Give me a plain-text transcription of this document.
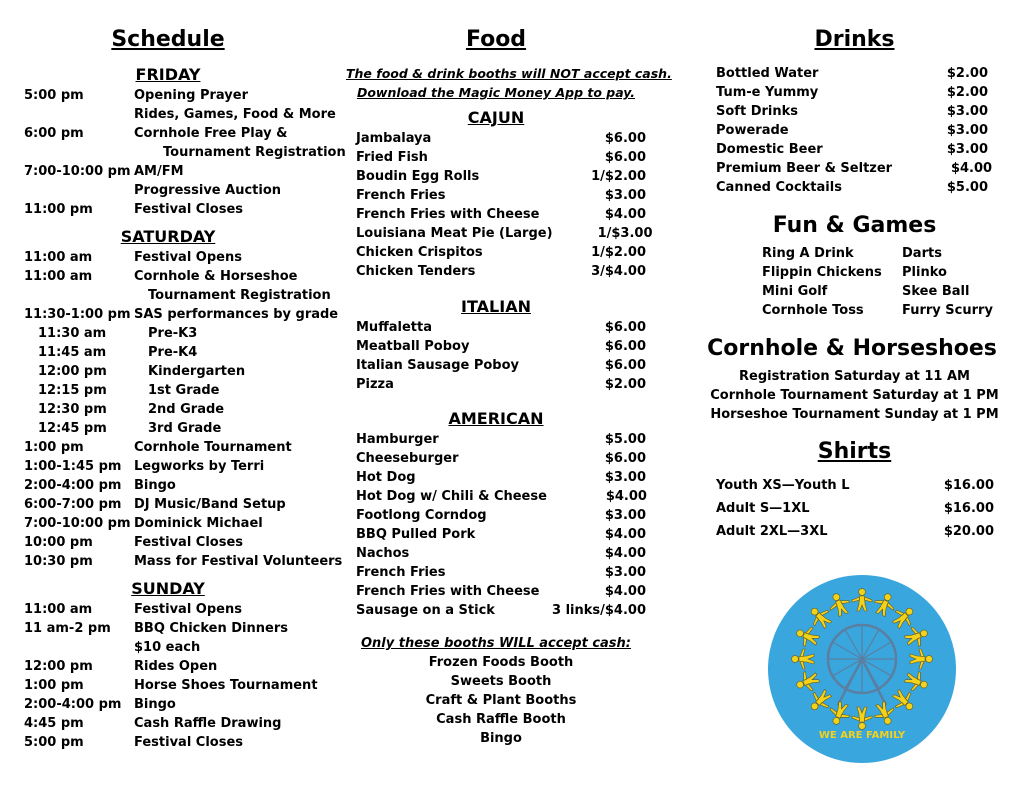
Schedule
FRIDAY
5:00 pm	Opening Prayer
Rides, Games, Food & More
6:00 pm	Cornhole Free Play &
Tournament Registration
7:00-10:00 pm AM/FM
Progressive Auction
11:00 pm	Festival Closes
SATURDAY
11:00 am	Festival Opens
11:00 am	Cornhole & Horseshoe
Tournament Registration
11:30-1:00 pm SAS performances by grade
11:30 am	Pre-K3
11:45 am	Pre-K4
12:00 pm	Kindergarten
12:15 pm	1st Grade
12:30 pm	2nd Grade
12:45 pm	3rd Grade
1:00 pm	Cornhole Tournament
1:00-1:45 pm Legworks by Terri
2:00-4:00 pm Bingo
6:00-7:00 pm DJ Music/Band Setup
7:00-10:00 pm Dominick Michael
10:00 pm	Festival Closes
10:30 pm	Mass for Festival Volunteers
SUNDAY
11:00 am	Festival Opens
11 am-2 pm	BBQ Chicken Dinners
$10 each
12:00 pm	Rides Open
1:00 pm	Horse Shoes Tournament
2:00-4:00 pm Bingo
4:45 pm	Cash Raffle Drawing
5:00 pm	Festival Closes
Food
The food & drink booths will NOT accept cash.
Download the Magic Money App to pay.
CAJUN
Jambalaya	$6.00
Fried Fish	$6.00
Boudin Egg Rolls	1/$2.00
French Fries	$3.00
French Fries with Cheese	$4.00
Louisiana Meat Pie (Large)	1/$3.00
Chicken Crispitos	1/$2.00
Chicken Tenders	3/$4.00
ITALIAN
Muffaletta	$6.00
Meatball Poboy	$6.00
Italian Sausage Poboy	$6.00
Pizza	$2.00
AMERICAN
Hamburger	$5.00
Cheeseburger	$6.00
Hot Dog	$3.00
Hot Dog w/ Chili & Cheese	$4.00
Footlong Corndog	$3.00
BBQ Pulled Pork	$4.00
Nachos	$4.00
French Fries	$3.00
French Fries with Cheese	$4.00
Sausage on a Stick	3 links/$4.00
Only these booths WILL accept cash:
Frozen Foods Booth
Sweets Booth
Craft & Plant Booths
Cash Raffle Booth
Bingo
Drinks
Bottled Water	$2.00
Tum-e Yummy	$2.00
Soft Drinks	$3.00
Powerade	$3.00
Domestic Beer	$3.00
Premium Beer & Seltzer	$4.00
Canned Cocktails	$5.00
Fun & Games
Ring A Drink	Darts
Flippin Chickens	Plinko
Mini Golf	Skee Ball
Cornhole Toss	Furry Scurry
Cornhole & Horseshoes
Registration Saturday at 11 AM
Cornhole Tournament Saturday at 1 PM
Horseshoe Tournament Sunday at 1 PM
Shirts
Youth XS—Youth L	$16.00
Adult S—1XL	$16.00
Adult 2XL—3XL	$20.00
WE ARE FAMILY
